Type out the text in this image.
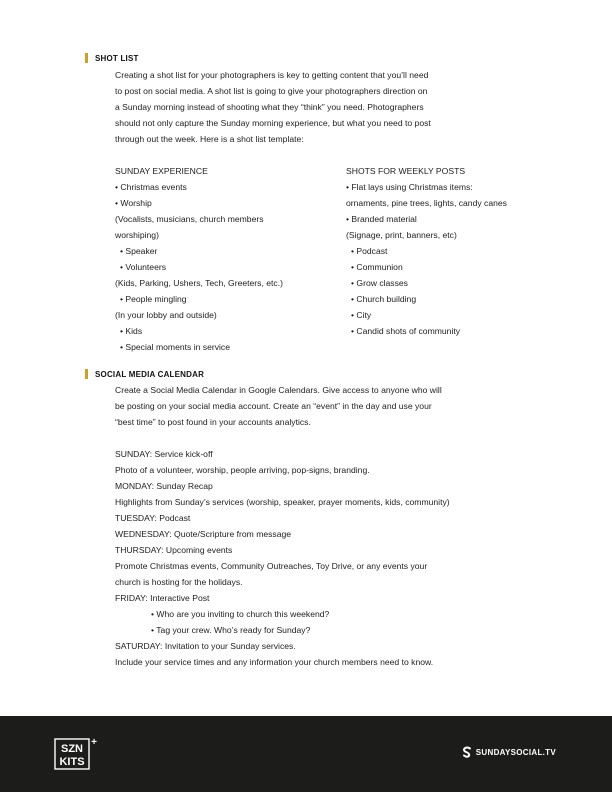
SHOT LIST
Creating a shot list for your photographers is key to getting content that you’ll need
to post on social media. A shot list is going to give your photographers direction on
a Sunday morning instead of shooting what they “think” you need. Photographers
should not only capture the Sunday morning experience, but what you need to post
through out the week. Here is a shot list template:
SUNDAY EXPERIENCE
• Christmas events
• Worship
(Vocalists, musicians, church members
worshiping)
• Speaker
• Volunteers
(Kids, Parking, Ushers, Tech, Greeters, etc.)
• People mingling
(In your lobby and outside)
• Kids
• Special moments in service
SHOTS FOR WEEKLY POSTS
• Flat lays using Christmas items:
ornaments, pine trees, lights, candy canes
• Branded material
(Signage, print, banners, etc)
• Podcast
• Communion
• Grow classes
• Church building
• City
• Candid shots of community
SOCIAL MEDIA CALENDAR
Create a Social Media Calendar in Google Calendars. Give access to anyone who will
be posting on your social media account. Create an “event” in the day and use your
“best time” to post found in your accounts analytics.
SUNDAY: Service kick-off
Photo of a volunteer, worship, people arriving, pop-signs, branding.
MONDAY: Sunday Recap
Highlights from Sunday’s services (worship, speaker, prayer moments, kids, community)
TUESDAY: Podcast
WEDNESDAY: Quote/Scripture from message
THURSDAY: Upcoming events
Promote Christmas events, Community Outreaches, Toy Drive, or any events your
church is hosting for the holidays.
FRIDAY: Interactive Post
• Who are you inviting to church this weekend?
• Tag your crew. Who’s ready for Sunday?
SATURDAY: Invitation to your Sunday services.
Include your service times and any information your church members need to know.
SZN
KITS
+
SUNDAYSOCIAL.TV
